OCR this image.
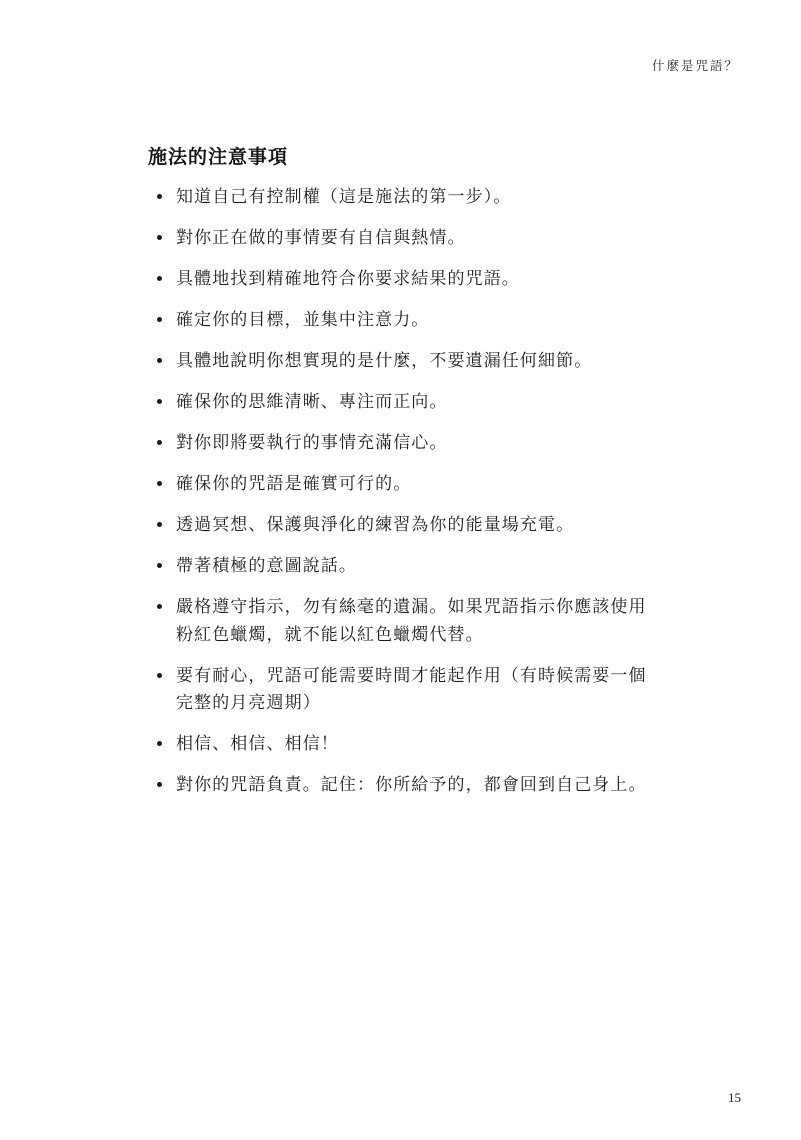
什麼是咒語？
施法的注意事項
知道自己有控制權（這是施法的第一步）。
對你正在做的事情要有自信與熱情。
具體地找到精確地符合你要求結果的咒語。
確定你的目標，並集中注意力。
具體地說明你想實現的是什麼，不要遺漏任何細節。
確保你的思維清晰、專注而正向。
對你即將要執行的事情充滿信心。
確保你的咒語是確實可行的。
透過冥想、保護與淨化的練習為你的能量場充電。
帶著積極的意圖說話。
嚴格遵守指示，勿有絲毫的遺漏。如果咒語指示你應該使用粉紅色蠟燭，就不能以紅色蠟燭代替。
要有耐心，咒語可能需要時間才能起作用（有時候需要一個完整的月亮週期）
相信、相信、相信！
對你的咒語負責。記住：你所給予的，都會回到自己身上。
15
